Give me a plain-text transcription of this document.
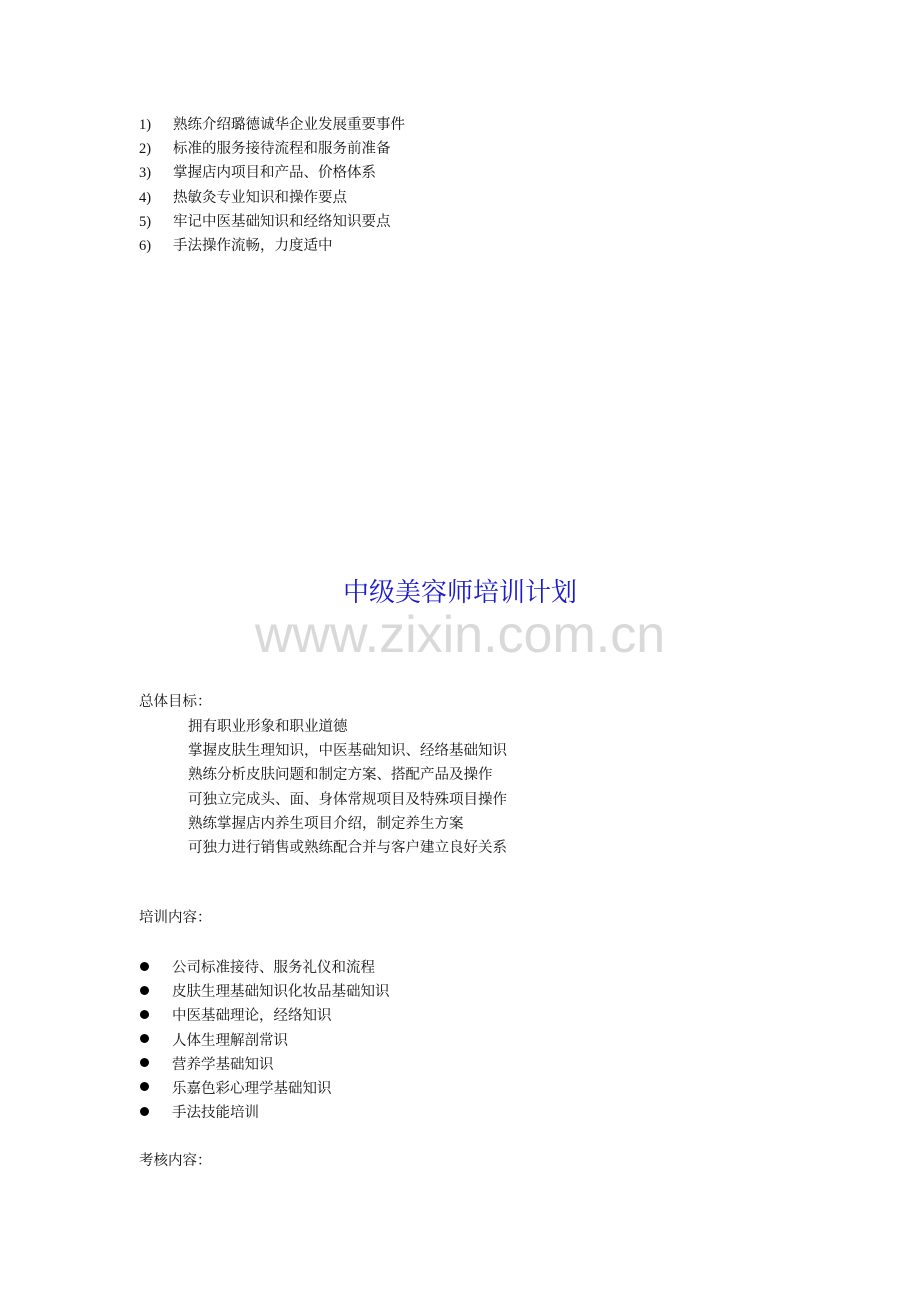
1) 熟练介绍璐德诚华企业发展重要事件
2) 标准的服务接待流程和服务前准备
3) 掌握店内项目和产品、价格体系
4) 热敏灸专业知识和操作要点
5) 牢记中医基础知识和经络知识要点
6) 手法操作流畅，力度适中
中级美容师培训计划
www.zixin.com.cn
总体目标：
拥有职业形象和职业道德
掌握皮肤生理知识，中医基础知识、经络基础知识
熟练分析皮肤问题和制定方案、搭配产品及操作
可独立完成头、面、身体常规项目及特殊项目操作
熟练掌握店内养生项目介绍，制定养生方案
可独力进行销售或熟练配合并与客户建立良好关系
培训内容：
公司标准接待、服务礼仪和流程
皮肤生理基础知识化妆品基础知识
中医基础理论，经络知识
人体生理解剖常识
营养学基础知识
乐嘉色彩心理学基础知识
手法技能培训
考核内容：
